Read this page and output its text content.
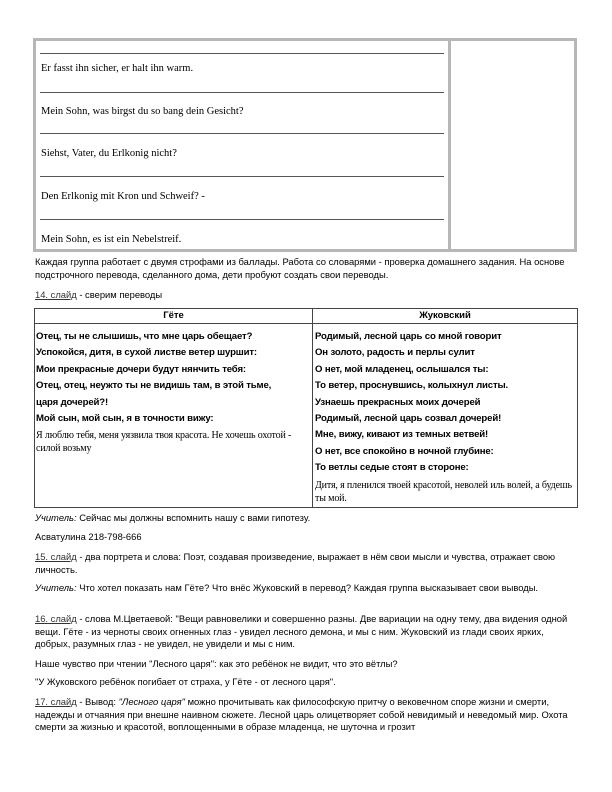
Er fasst ihn sicher, er halt ihn warm.
Mein Sohn, was birgst du so bang dein Gesicht?
Siehst, Vater, du Erlkonig nicht?
Den Erlkonig mit Kron und Schweif? -
Mein Sohn, es ist ein Nebelstreif.
Каждая группа работает с двумя строфами из баллады. Работа со словарями - проверка домашнего задания. На основе подстрочного перевода, сделанного дома, дети пробуют создать свои переводы.
14. слайд - сверим переводы
Гёте	Жуковский
Отец, ты не слышишь, что мне царь обещает?
Успокойся, дитя, в сухой листве ветер шуршит:
Мои прекрасные дочери будут нянчить тебя:
Отец, отец, неужто ты не видишь там, в этой тьме,
царя дочерей?!
Мой сын, мой сын, я в точности вижу:
Я люблю тебя, меня уязвила твоя красота. Не хочешь охотой - силой возьму
Родимый, лесной царь со мной говорит
Он золото, радость и перлы сулит
О нет, мой младенец, ослышался ты:
То ветер, проснувшись, колыхнул листы.
Узнаешь прекрасных моих дочерей
Родимый, лесной царь созвал дочерей!
Мне, вижу, кивают из темных ветвей!
О нет, все спокойно в ночной глубине:
То ветлы седые стоят в стороне:
Дитя, я пленился твоей красотой, неволей иль волей, а будешь ты мой.
Учитель: Сейчас мы должны вспомнить нашу с вами гипотезу.
Асватулина 218-798-666
15. слайд - два портрета и слова: Поэт, создавая произведение, выражает в нём свои мысли и чувства, отражает свою личность.
Учитель: Что хотел показать нам Гёте? Что внёс Жуковский в перевод? Каждая группа высказывает свои выводы.
16. слайд - слова М.Цветаевой: "Вещи равновелики и совершенно разны. Две вариации на одну тему, два видения одной вещи. Гёте - из черноты своих огненных глаз - увидел лесного демона, и мы с ним. Жуковский из глади своих ярких, добрых, разумных глаз - не увидел, не увидели и мы с ним.
Наше чувство при чтении "Лесного царя": как это ребёнок не видит, что это вётлы?
"У Жуковского ребёнок погибает от страха, у Гёте - от лесного царя".
17. слайд - Вывод: "Лесного царя" можно прочитывать как философскую притчу о вековечном споре жизни и смерти, надежды и отчаяния при внешне наивном сюжете. Лесной царь олицетворяет собой невидимый и неведомый мир. Охота смерти за жизнью и красотой, воплощенными в образе младенца, не шуточна и грозит
